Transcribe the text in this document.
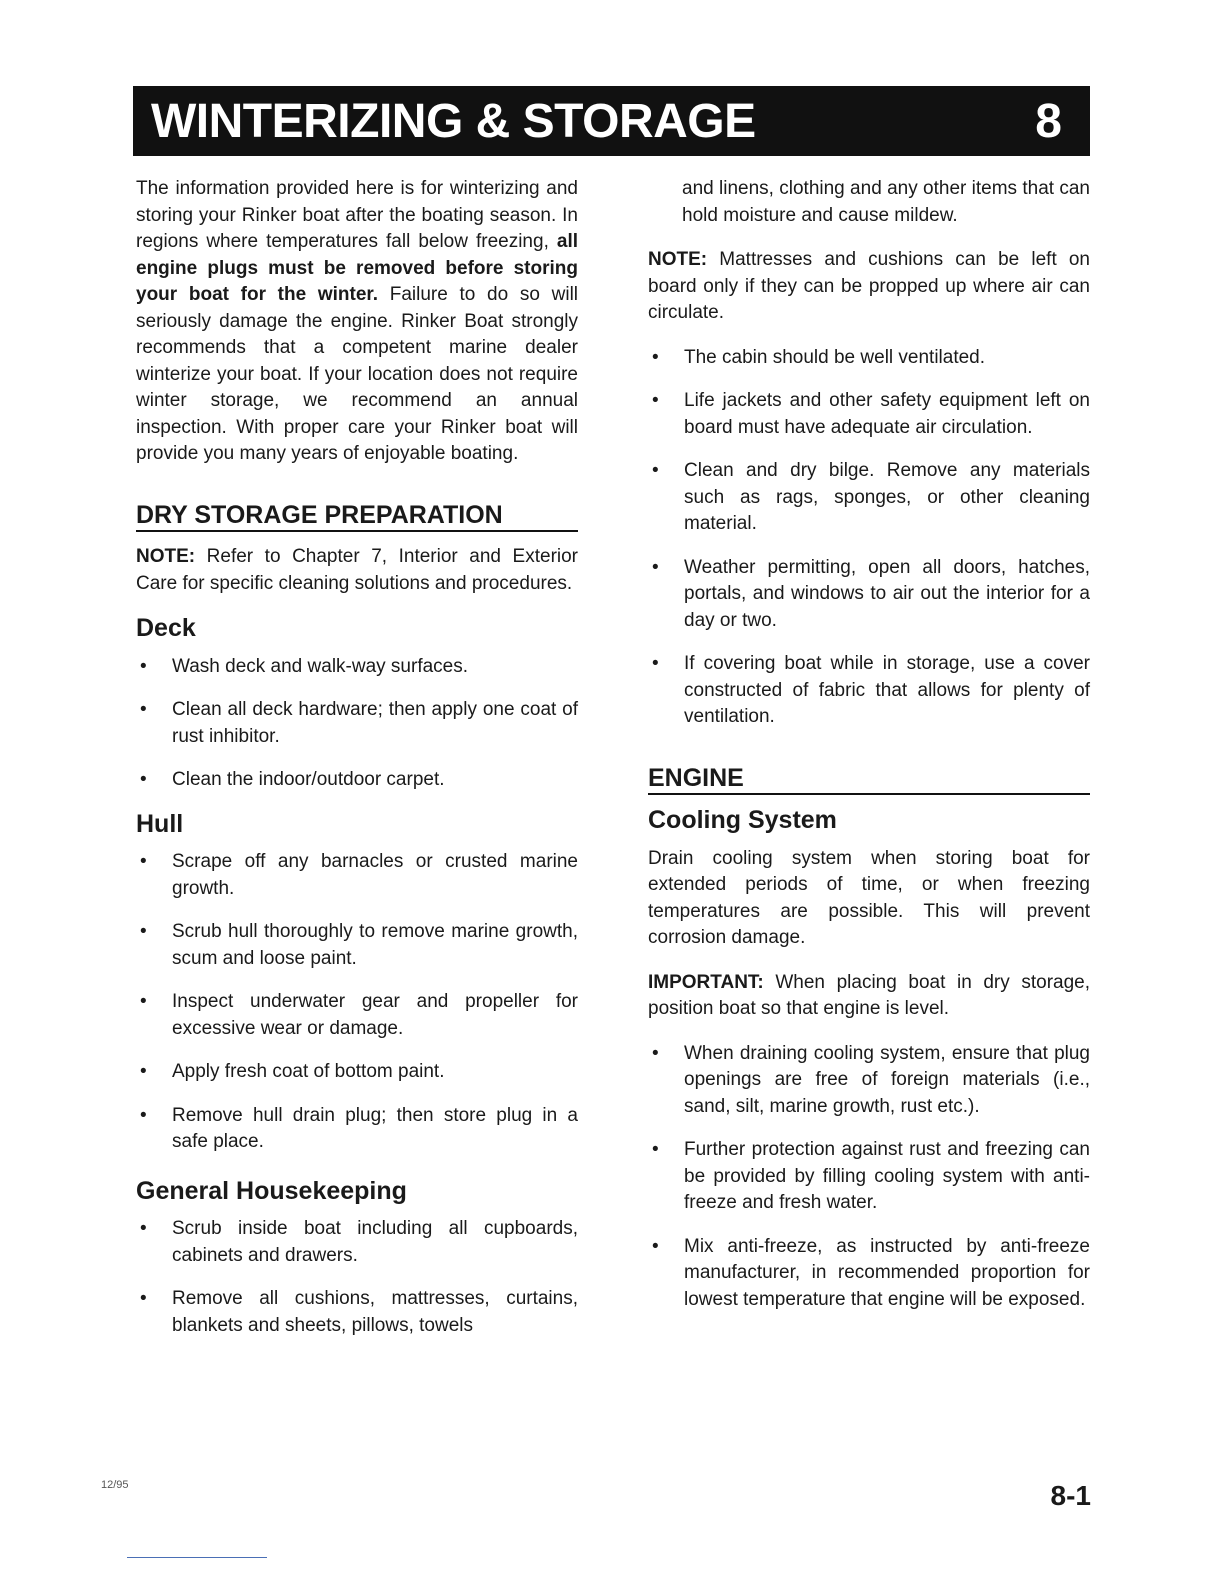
WINTERIZING & STORAGE	8

The information provided here is for winterizing and storing your Rinker boat after the boating season. In regions where temperatures fall below freezing, all engine plugs must be removed before storing your boat for the winter. Failure to do so will seriously damage the engine. Rinker Boat strongly recommends that a competent marine dealer winterize your boat. If your location does not require winter storage, we recommend an annual inspection. With proper care your Rinker boat will provide you many years of enjoyable boating.

DRY STORAGE PREPARATION

NOTE: Refer to Chapter 7, Interior and Exterior Care for specific cleaning solutions and procedures.

Deck
• Wash deck and walk-way surfaces.
• Clean all deck hardware; then apply one coat of rust inhibitor.
• Clean the indoor/outdoor carpet.
Hull
• Scrape off any barnacles or crusted marine growth.
• Scrub hull thoroughly to remove marine growth, scum and loose paint.
• Inspect underwater gear and propeller for excessive wear or damage.
• Apply fresh coat of bottom paint.
• Remove hull drain plug; then store plug in a safe place.
General Housekeeping
• Scrub inside boat including all cupboards, cabinets and drawers.
• Remove all cushions, mattresses, curtains, blankets and sheets, pillows, towels

and linens, clothing and any other items that can hold moisture and cause mildew.

NOTE: Mattresses and cushions can be left on board only if they can be propped up where air can circulate.

• The cabin should be well ventilated.
• Life jackets and other safety equipment left on board must have adequate air circulation.
• Clean and dry bilge. Remove any materials such as rags, sponges, or other cleaning material.
• Weather permitting, open all doors, hatches, portals, and windows to air out the interior for a day or two.
• If covering boat while in storage, use a cover constructed of fabric that allows for plenty of ventilation.
ENGINE
Cooling System

Drain cooling system when storing boat for extended periods of time, or when freezing temperatures are possible. This will prevent corrosion damage.

IMPORTANT: When placing boat in dry storage, position boat so that engine is level.

• When draining cooling system, ensure that plug openings are free of foreign materials (i.e., sand, silt, marine growth, rust etc.).
• Further protection against rust and freezing can be provided by filling cooling system with anti-freeze and fresh water.
• Mix anti-freeze, as instructed by anti-freeze manufacturer, in recommended proportion for lowest temperature that engine will be exposed.
12/95	8-1
